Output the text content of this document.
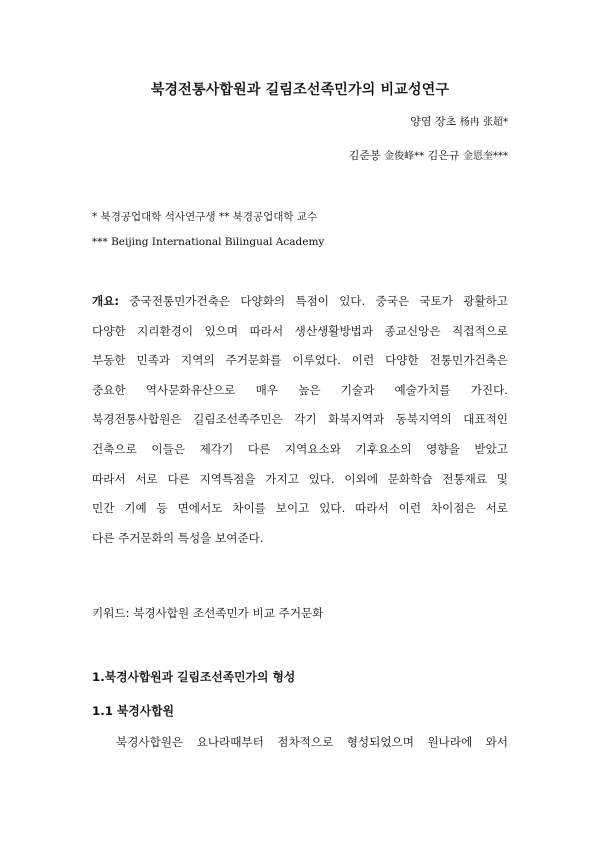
북경전통사합원과 길림조선족민가의 비교성연구
양염 장초 杨冉 张超*
김준봉 金俊峰** 김은규 金恩奎***
* 북경공업대학 석사연구생 ** 북경공업대학 교수
*** Beijing International Bilingual Academy
개요: 중국전통민가건축은 다양화의 특점이 있다. 중국은 국토가 광활하고
다양한 지리환경이 있으며 따라서 생산생활방법과 종교신앙은 직접적으로
부동한 민족과 지역의 주거문화를 이루었다. 이런 다양한 전통민가건축은
중요한 역사문화유산으로 매우 높은 기술과 예술가치를 가진다.
북경전통사합원은 길림조선족주민은 각기 화북지역과 동북지역의 대표적인
건축으로 이들은 제각기 다른 지역요소와 기후요소의 영향을 받았고
따라서 서로 다른 지역특점을 가지고 있다. 이외에 문화학습 전통재료 및
민간 기예 등 면에서도 차이를 보이고 있다. 따라서 이런 차이점은 서로
다른 주거문화의 특성을 보여준다.
키워드: 북경사합원 조선족민가 비교 주거문화
1.북경사합원과 길림조선족민가의 형성
1.1 북경사합원
북경사합원은 요나라때부터 점차적으로 형성되었으며 원나라에 와서
